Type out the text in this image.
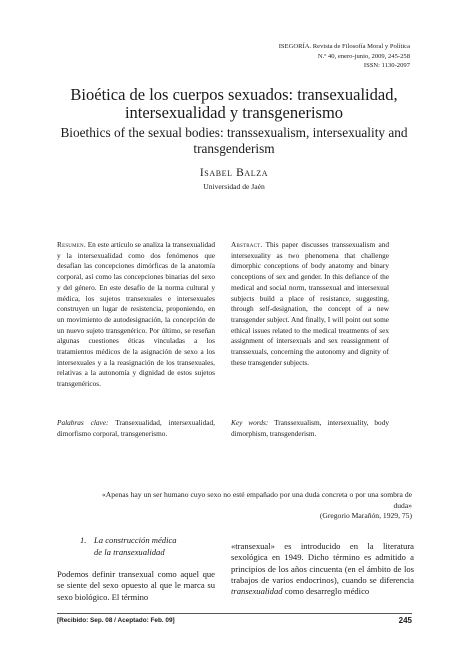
ISEGORÍA. Revista de Filosofía Moral y Política
N.º 40, enero-junio, 2009, 245-258
ISSN: 1130-2097
Bioética de los cuerpos sexuados: transexualidad, intersexualidad y transgenerismo
Bioethics of the sexual bodies: transsexualism, intersexuality and transgenderism
Isabel Balza
Universidad de Jaén
Resumen. En este artículo se analiza la transexualidad y la intersexualidad como dos fenómenos que desafían las concepciones dimórficas de la anatomía corporal, así como las concepciones binarias del sexo y del género. En este desafío de la norma cultural y médica, los sujetos transexuales e intersexuales construyen un lugar de resistencia, proponiendo, en un movimiento de autodesignación, la concepción de un nuevo sujeto transgenérico. Por último, se reseñan algunas cuestiones éticas vinculadas a los tratamientos médicos de la asignación de sexo a los intersexuales y a la reasignación de los transexuales, relativas a la autonomía y dignidad de estos sujetos transgenéricos.
Abstract. This paper discusses transsexualism and intersexuality as two phenomena that challenge dimorphic conceptions of body anatomy and binary conceptions of sex and gender. In this defiance of the medical and social norm, transsexual and intersexual subjects build a place of resistance, suggesting, through self-designation, the concept of a new transgender subject. And finally, I will point out some ethical issues related to the medical treatments of sex assignment of intersexuals and sex reassignment of transsexuals, concerning the autonomy and dignity of these transgender subjects.
Palabras clave: Transexualidad, intersexualidad, dimorfismo corporal, transgenerismo.
Key words: Transsexualism, intersexuality, body dimorphism, transgenderism.
«Apenas hay un ser humano cuyo sexo no esté empañado por una duda concreta o por una sombra de duda»
(Gregorio Marañón, 1929, 75)
1. La construcción médica
de la transexualidad
Podemos definir transexual como aquel que se siente del sexo opuesto al que le marca su sexo biológico. El término
«transexual» es introducido en la literatura sexológica en 1949. Dicho término es admitido a principios de los años cincuenta (en el ámbito de los trabajos de varios endocrinos), cuando se diferencia transexualidad como desarreglo médico
[Recibido: Sep. 08 / Aceptado: Feb. 09]	245
